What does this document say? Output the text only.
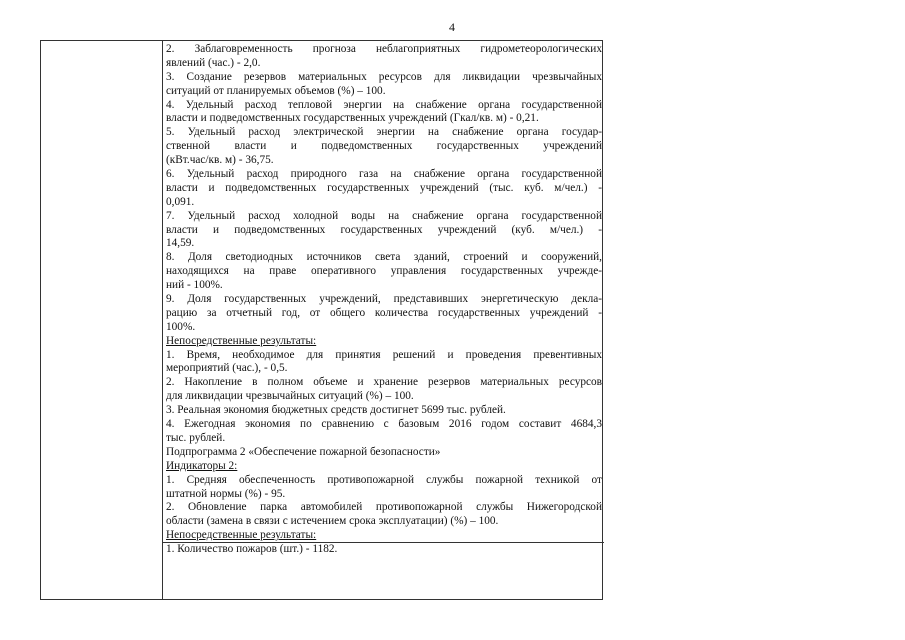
4
2. Заблаговременность прогноза неблагоприятных гидрометеорологических
явлений (час.) - 2,0.
3. Создание резервов материальных ресурсов для ликвидации чрезвычайных
ситуаций от планируемых объемов (%) – 100.
4. Удельный расход тепловой энергии на снабжение органа государственной
власти и подведомственных государственных учреждений (Гкал/кв. м) - 0,21.
5. Удельный расход электрической энергии на снабжение органа государ-
ственной власти и подведомственных государственных учреждений
(кВт.час/кв. м) - 36,75.
6. Удельный расход природного газа на снабжение органа государственной
власти и подведомственных государственных учреждений (тыс. куб. м/чел.) -
0,091.
7. Удельный расход холодной воды на снабжение органа государственной
власти и подведомственных государственных учреждений (куб. м/чел.) -
14,59.
8. Доля светодиодных источников света зданий, строений и сооружений,
находящихся на праве оперативного управления государственных учрежде-
ний - 100%.
9. Доля государственных учреждений, представивших энергетическую декла-
рацию за отчетный год, от общего количества государственных учреждений -
100%.
Непосредственные результаты:
1. Время, необходимое для принятия решений и проведения превентивных
мероприятий (час.), - 0,5.
2. Накопление в полном объеме и хранение резервов материальных ресурсов
для ликвидации чрезвычайных ситуаций (%) – 100.
3. Реальная экономия бюджетных средств достигнет 5699 тыс. рублей.
4. Ежегодная экономия по сравнению с базовым 2016 годом составит 4684,3
тыс. рублей.
Подпрограмма 2 «Обеспечение пожарной безопасности»
Индикаторы 2:
1. Средняя обеспеченность противопожарной службы пожарной техникой от
штатной нормы (%) - 95.
2. Обновление парка автомобилей противопожарной службы Нижегородской
области (замена в связи с истечением срока эксплуатации) (%) – 100.
Непосредственные результаты:
1. Количество пожаров (шт.) - 1182.
